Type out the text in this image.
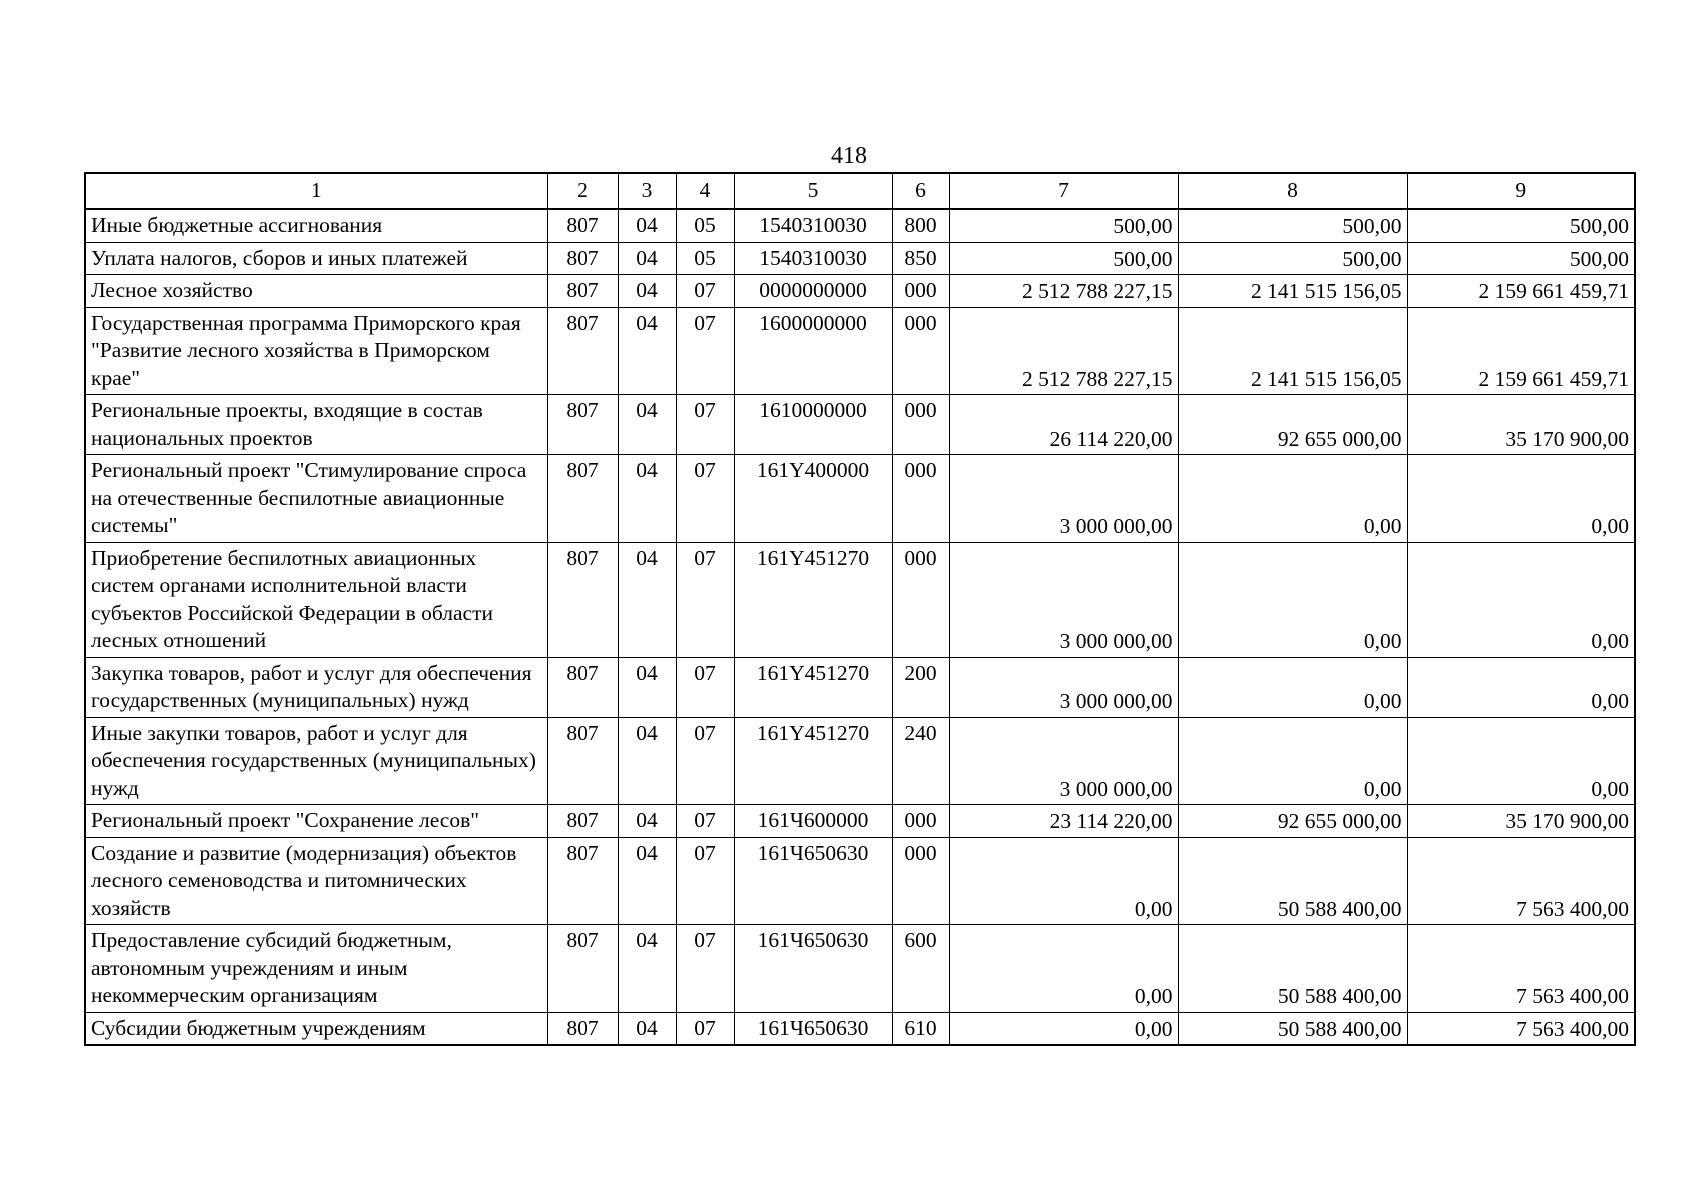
418
1	2	3	4	5	6	7	8	9
Иные бюджетные ассигнования	807	04	05	1540310030	800	500,00	500,00	500,00

Уплата налогов, сборов и иных платежей	807	04	05	1540310030	850	500,00	500,00	500,00

Лесное хозяйство	807	04	07	0000000000	000	2 512 788 227,15	2 141 515 156,05	2 159 661 459,71

Государственная программа Приморского края "Развитие лесного хозяйства в Приморском крае"	807	04	07	1600000000	000	2 512 788 227,15	2 141 515 156,05	2 159 661 459,71

Региональные проекты, входящие в состав национальных проектов	807	04	07	1610000000	000	26 114 220,00	92 655 000,00	35 170 900,00

Региональный проект "Стимулирование спроса на отечественные беспилотные авиационные системы"	807	04	07	161Y400000	000	3 000 000,00	0,00	0,00

Приобретение беспилотных авиационных систем органами исполнительной власти субъектов Российской Федерации в области лесных отношений	807	04	07	161Y451270	000	3 000 000,00	0,00	0,00

Закупка товаров, работ и услуг для обеспечения государственных (муниципальных) нужд	807	04	07	161Y451270	200	3 000 000,00	0,00	0,00

Иные закупки товаров, работ и услуг для обеспечения государственных (муниципальных) нужд	807	04	07	161Y451270	240	3 000 000,00	0,00	0,00

Региональный проект "Сохранение лесов"	807	04	07	161Ч600000	000	23 114 220,00	92 655 000,00	35 170 900,00

Создание и развитие (модернизация) объектов лесного семеноводства и питомнических хозяйств	807	04	07	161Ч650630	000	0,00	50 588 400,00	7 563 400,00

Предоставление субсидий бюджетным, автономным учреждениям и иным некоммерческим организациям	807	04	07	161Ч650630	600	0,00	50 588 400,00	7 563 400,00

Субсидии бюджетным учреждениям	807	04	07	161Ч650630	610	0,00	50 588 400,00	7 563 400,00
